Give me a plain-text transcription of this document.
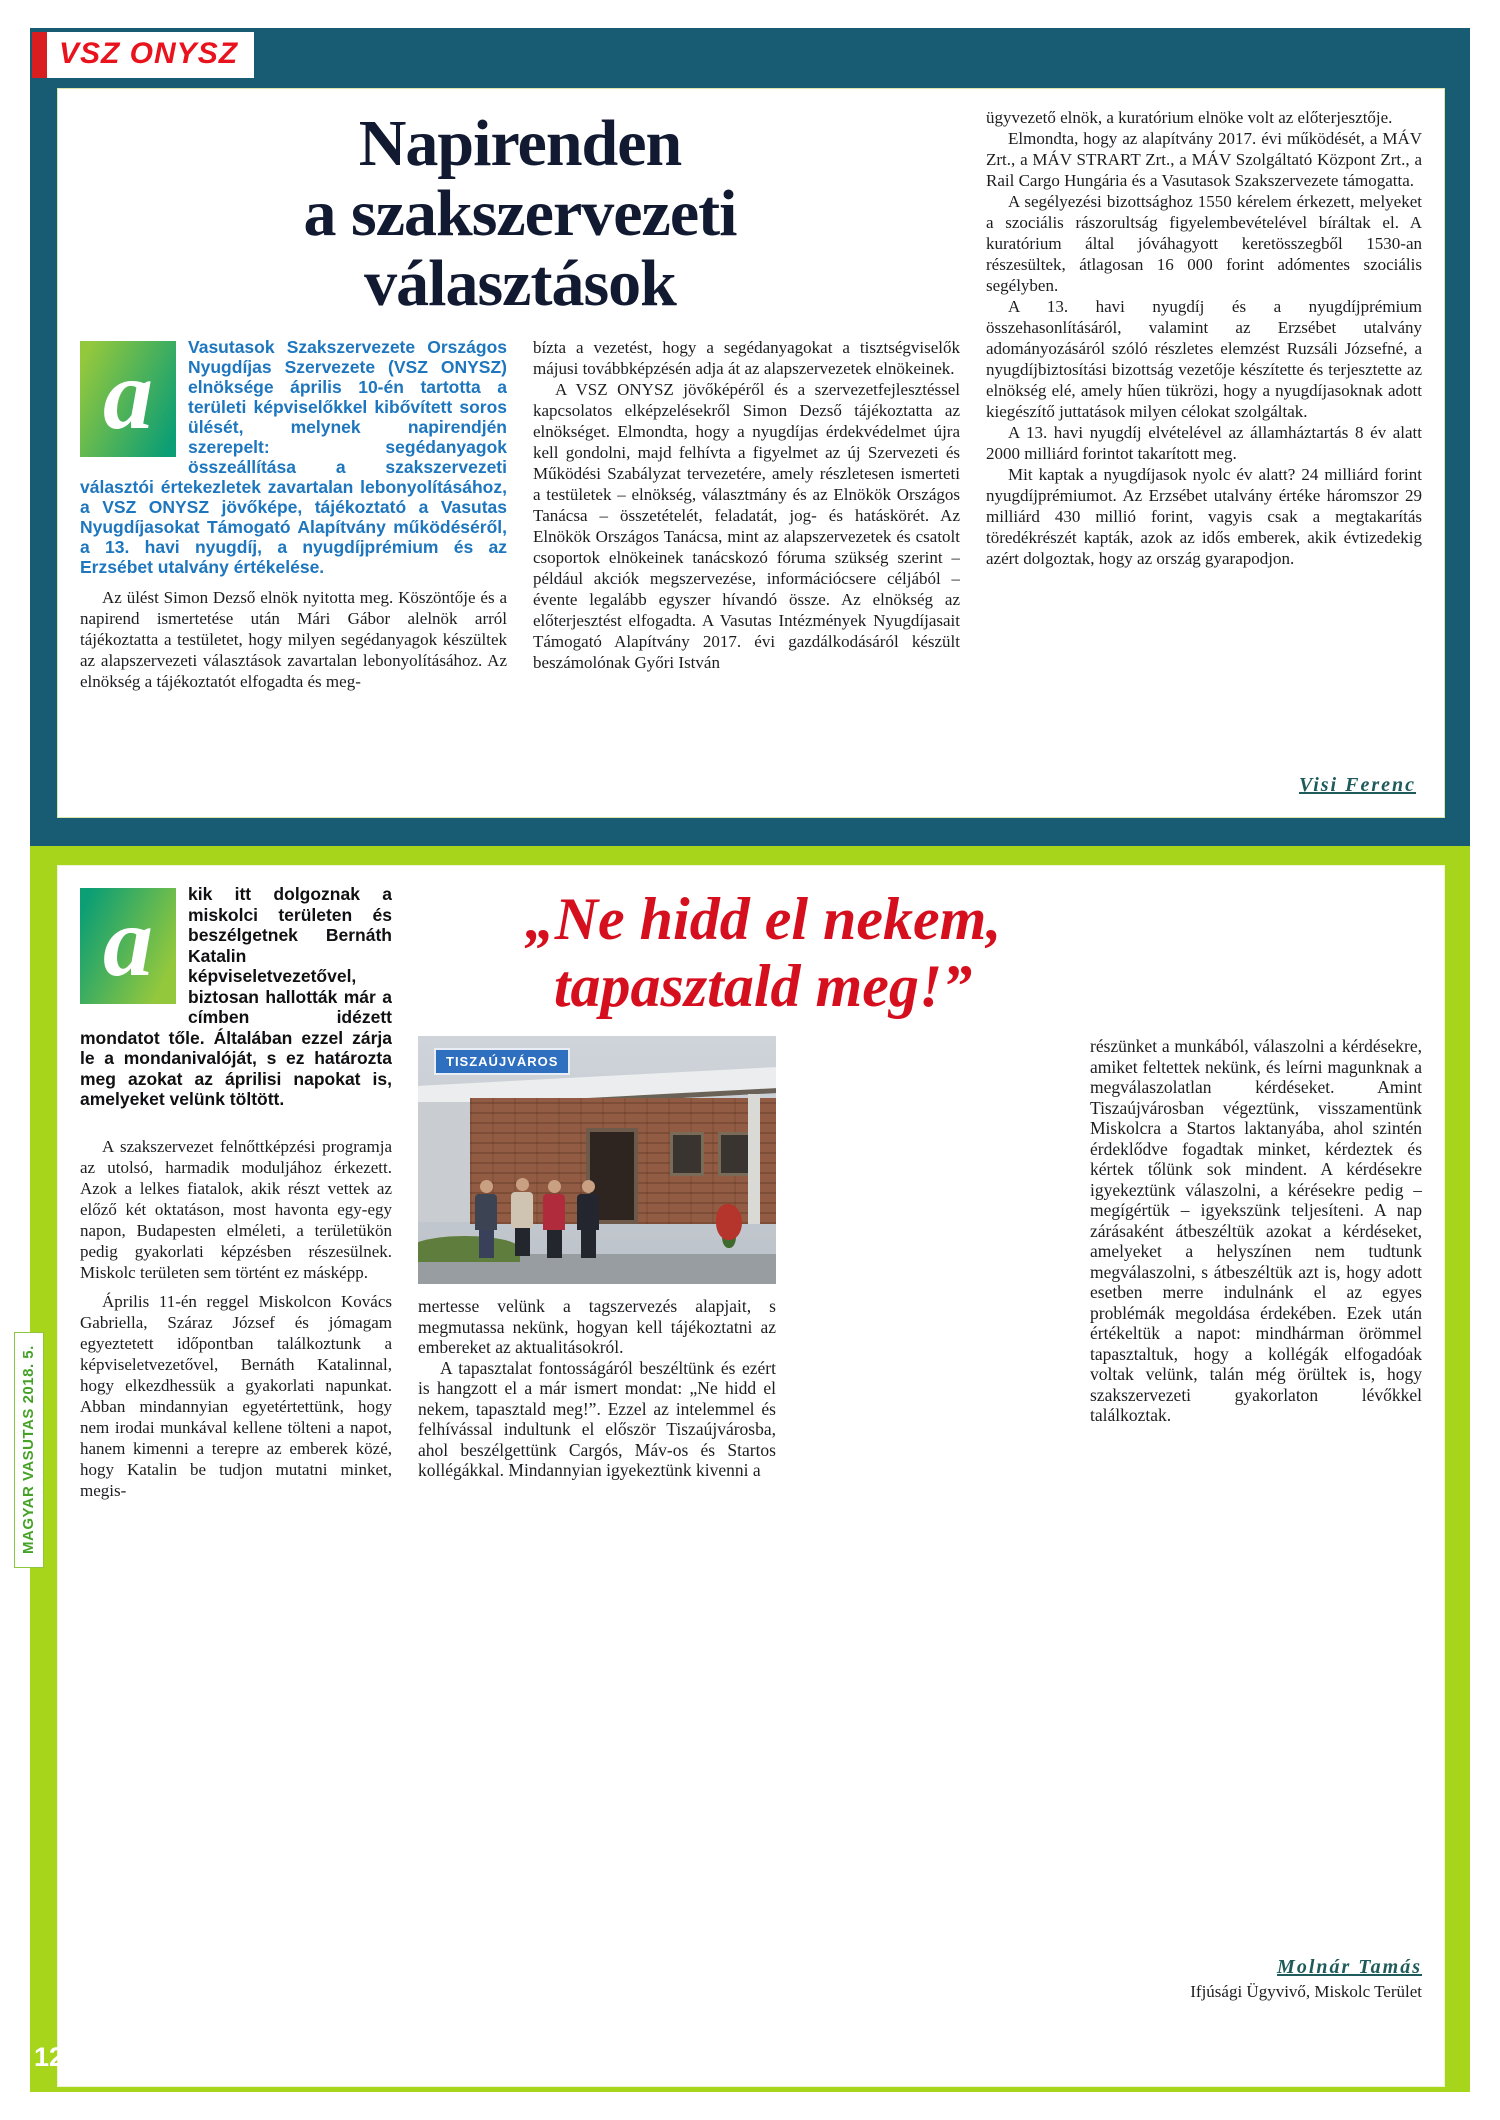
VSZ ONYSZ
Napirenden
a szakszervezeti
választások
a	Vasutasok Szakszervezete Országos Nyugdíjas Szervezete (VSZ ONYSZ) elnöksége április 10-én tartotta a területi képviselőkkel kibővített soros ülését, melynek napirendjén szerepelt: segédanyagok összeállítása a szakszervezeti választói értekezletek zavartalan lebonyolításához, a VSZ ONYSZ jövőképe, tájékoztató a Vasutas Nyugdíjasokat Támogató Alapítvány működéséről, a 13. havi nyugdíj, a nyugdíjprémium és az Erzsébet utalvány értékelése.

Az ülést Simon Dezső elnök nyitotta meg. Köszöntője és a napirend ismertetése után Mári Gábor alelnök arról tájékoztatta a testületet, hogy milyen segédanyagok készültek az alapszervezeti választások zavartalan lebonyolításához. Az elnökség a tájékoztatót elfogadta és meg-

bízta a vezetést, hogy a segédanyagokat a tisztségviselők májusi továbbképzésén adja át az alapszervezetek elnökeinek.

A VSZ ONYSZ jövőképéről és a szervezetfejlesztéssel kapcsolatos elképzelésekről Simon Dezső tájékoztatta az elnökséget. Elmondta, hogy a nyugdíjas érdekvédelmet újra kell gondolni, majd felhívta a figyelmet az új Szervezeti és Működési Szabályzat tervezetére, amely részletesen ismerteti a testületek – elnökség, választmány és az Elnökök Országos Tanácsa – összetételét, feladatát, jog- és hatáskörét. Az Elnökök Országos Tanácsa, mint az alapszervezetek és csatolt csoportok elnökeinek tanácskozó fóruma szükség szerint – például akciók megszervezése, információcsere céljából – évente legalább egyszer hívandó össze. Az elnökség az előterjesztést elfogadta. A Vasutas Intézmények Nyugdíjasait Támogató Alapítvány 2017. évi gazdálkodásáról készült beszámolónak Győri István

ügyvezető elnök, a kuratórium elnöke volt az előterjesztője.

Elmondta, hogy az alapítvány 2017. évi működését, a MÁV Zrt., a MÁV STRART Zrt., a MÁV Szolgáltató Központ Zrt., a Rail Cargo Hungária és a Vasutasok Szakszervezete támogatta.

A segélyezési bizottsághoz 1550 kérelem érkezett, melyeket a szociális rászorultság figyelembevételével bíráltak el. A kuratórium által jóváhagyott keretösszegből 1530-an részesültek, átlagosan 16 000 forint adómentes szociális segélyben.

A 13. havi nyugdíj és a nyugdíjprémium összehasonlításáról, valamint az Erzsébet utalvány adományozásáról szóló részletes elemzést Ruzsáli Józsefné, a nyugdíjbiztosítási bizottság vezetője készítette és terjesztette az elnökség elé, amely hűen tükrözi, hogy a nyugdíjasoknak adott kiegészítő juttatások milyen célokat szolgáltak.

A 13. havi nyugdíj elvételével az államháztartás 8 év alatt 2000 milliárd forintot takarított meg.

Mit kaptak a nyugdíjasok nyolc év alatt? 24 milliárd forint nyugdíjprémiumot. Az Erzsébet utalvány értéke háromszor 29 milliárd 430 millió forint, vagyis csak a megtakarítás töredékrészét kapták, azok az idős emberek, akik évtizedekig azért dolgoztak, hogy az ország gyarapodjon.

Visi Ferenc
a	kik itt dolgoznak a miskolci területen és beszélgetnek Bernáth Katalin képviseletvezetővel, biztosan hallották már a címben idézett mondatot tőle. Általában ezzel zárja le a mondanivalóját, s ez határozta meg azokat az áprilisi napokat is, amelyeket velünk töltött.

A szakszervezet felnőttképzési programja az utolsó, harmadik moduljához érkezett. Azok a lelkes fiatalok, akik részt vettek az előző két oktatáson, most havonta egy-egy napon, Budapesten elméleti, a területükön pedig gyakorlati képzésben részesülnek. Miskolc területen sem történt ez másképp.

Április 11-én reggel Miskolcon Kovács Gabriella, Száraz József és jómagam egyeztetett időpontban találkoztunk a képviseletvezetővel, Bernáth Katalinnal, hogy elkezdhessük a gyakorlati napunkat. Abban mindannyian egyetértettünk, hogy nem irodai munkával kellene tölteni a napot, hanem kimenni a terepre az emberek közé, hogy Katalin be tudjon mutatni minket, megis-

„Ne hidd el nekem,
tapasztald meg!”
TISZAÚJVÁROS

mertesse velünk a tagszervezés alapjait, s megmutassa nekünk, hogyan kell tájékoztatni az embereket az aktualitásokról.

A tapasztalat fontosságáról beszéltünk és ezért is hangzott el a már ismert mondat: „Ne hidd el nekem, tapasztald meg!”. Ezzel az intelemmel és felhívással indultunk el először Tiszaújvárosba, ahol beszélgettünk Cargós, Máv-os és Startos kollégákkal. Mindannyian igyekeztünk kivenni a

részünket a munkából, válaszolni a kérdésekre, amiket feltettek nekünk, és leírni magunknak a megválaszolatlan kérdéseket. Amint Tiszaújvárosban végeztünk, visszamentünk Miskolcra a Startos laktanyába, ahol szintén érdeklődve fogadtak minket, kérdeztek és kértek tőlünk sok mindent. A kérdésekre igyekeztünk válaszolni, a kérésekre pedig – megígértük – igyekszünk teljesíteni. A nap zárásaként átbeszéltük azokat a kérdéseket, amelyeket a helyszínen nem tudtunk megválaszolni, s átbeszéltük azt is, hogy adott esetben merre indulnánk el az egyes problémák megoldása érdekében. Ezek után értékeltük a napot: mindhárman örömmel tapasztaltuk, hogy a kollégák elfogadóak voltak velünk, talán még örültek is, hogy szakszervezeti gyakorlaton lévőkkel találkoztak.

Molnár Tamás
Ifjúsági Ügyvivő, Miskolc Terület
MAGYAR VASUTAS 2018. 5.
12
